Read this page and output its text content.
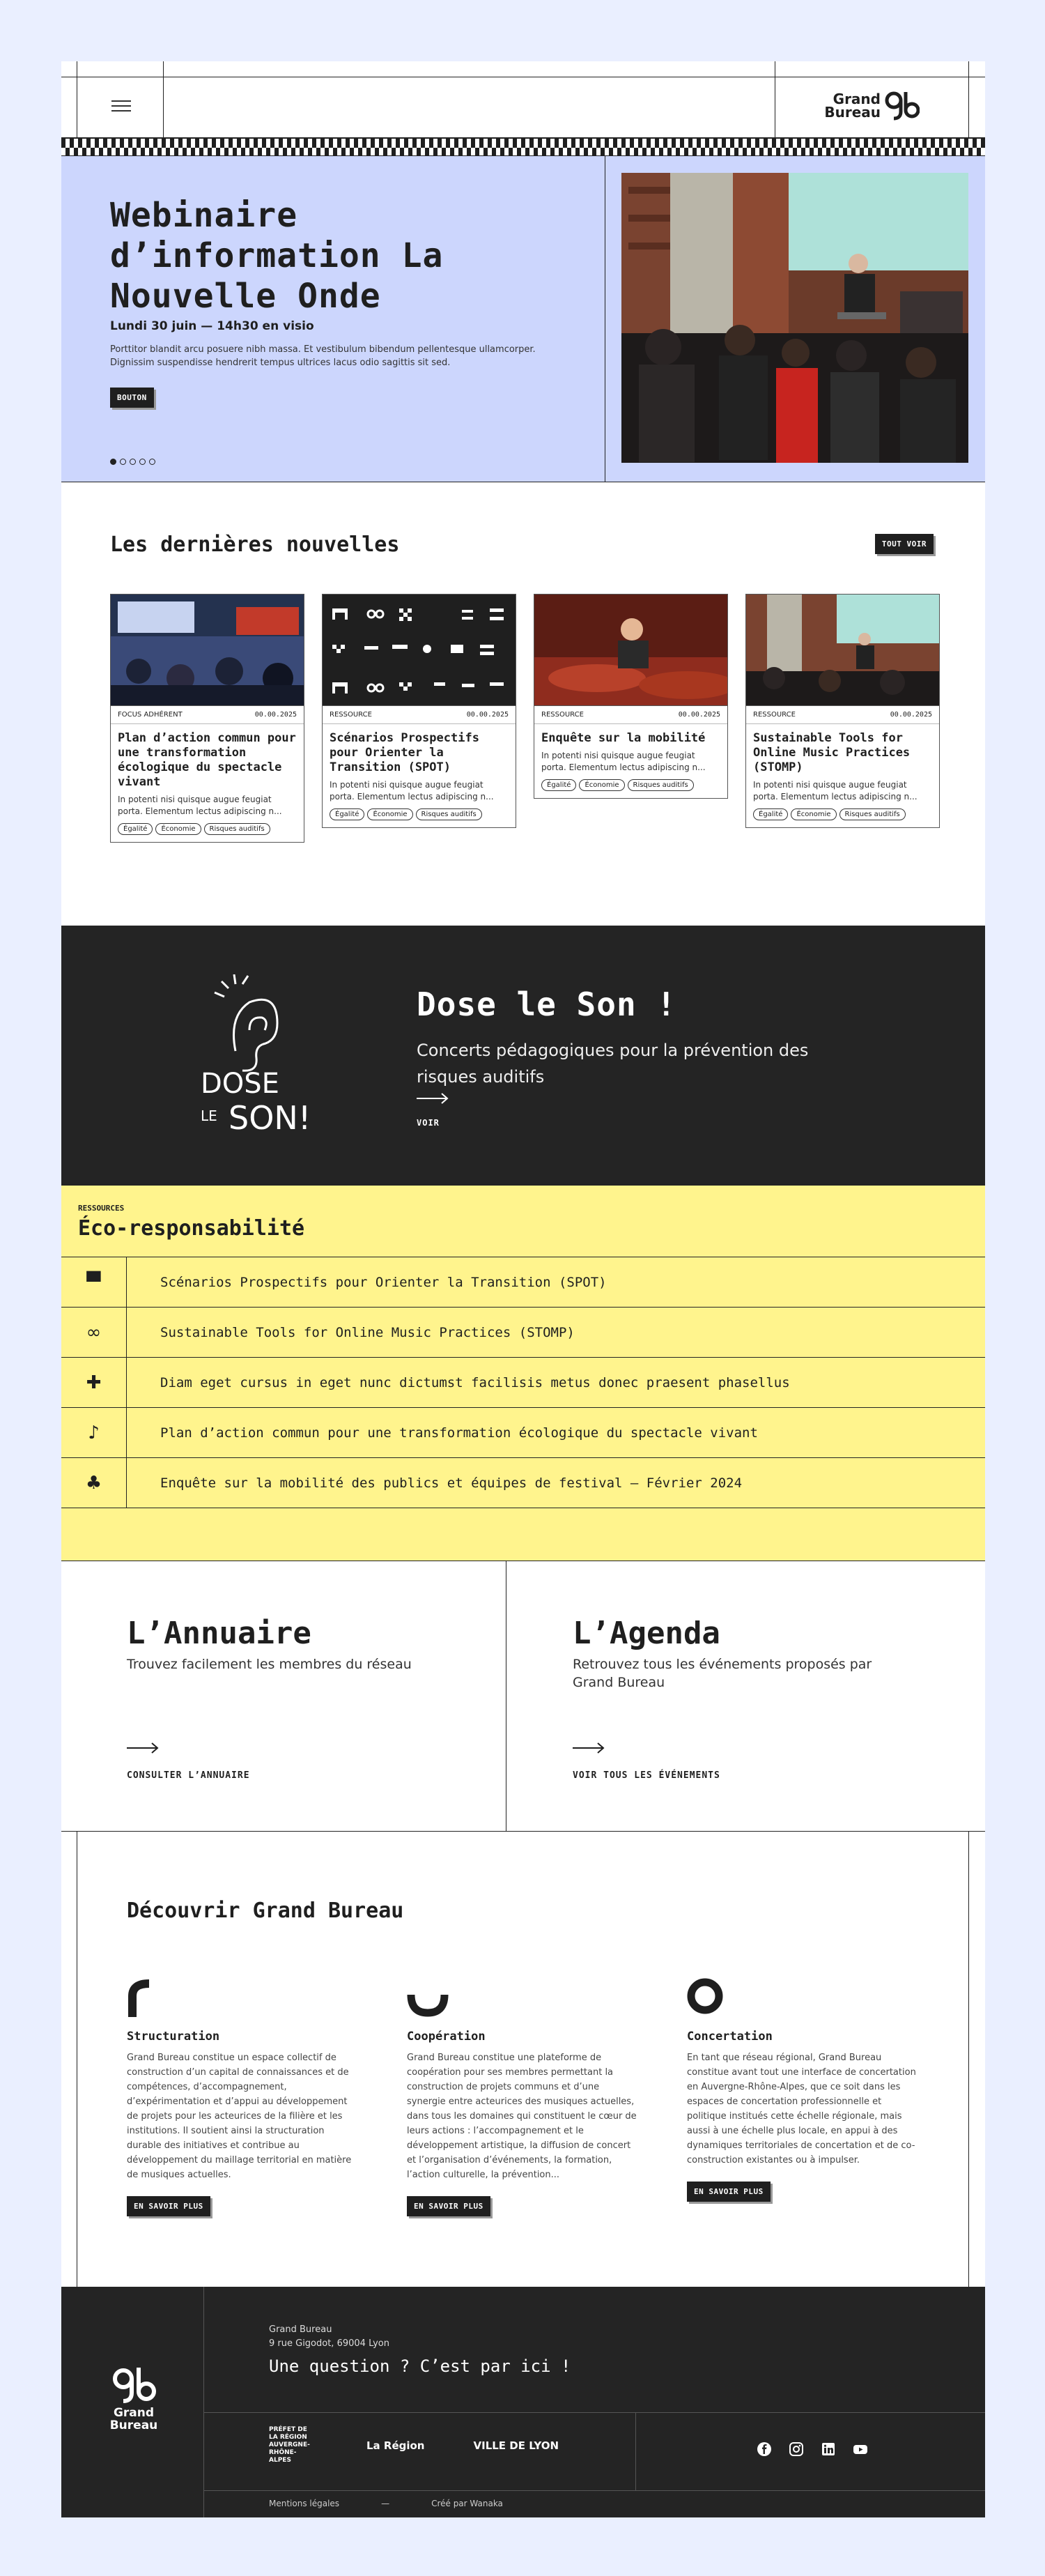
Grand
Bureau
Webinaire d’information La Nouvelle Onde
Lundi 30 juin — 14h30 en visio
Porttitor blandit arcu posuere nibh massa. Et vestibulum bibendum pellentesque ullamcorper. Dignissim suspendisse hendrerit tempus ultrices lacus odio sagittis sit sed.
BOUTON
Les dernières nouvelles	TOUT VOIR
FOCUS ADHÉRENT	00.00.2025
Plan d’action commun pour une transformation écologique du spectacle vivant

In potenti nisi quisque augue feugiat porta. Elementum lectus adipiscing n...

Égalité	Économie	Risques auditifs
RESSOURCE	00.00.2025
Scénarios Prospectifs pour Orienter la Transition (SPOT)

In potenti nisi quisque augue feugiat porta. Elementum lectus adipiscing n...

Égalité	Économie	Risques auditifs
RESSOURCE	00.00.2025
Enquête sur la mobilité

In potenti nisi quisque augue feugiat porta. Elementum lectus adipiscing n...

Égalité	Économie	Risques auditifs
RESSOURCE	00.00.2025
Sustainable Tools for Online Music Practices (STOMP)

In potenti nisi quisque augue feugiat porta. Elementum lectus adipiscing n...

Égalité	Économie	Risques auditifs
DOSE
LE SON!
Dose le Son !

Concerts pédagogiques pour la prévention des risques auditifs

VOIR
RESSOURCES
Éco-responsabilité
▀	Scénarios Prospectifs pour Orienter la Transition (SPOT)
∞	Sustainable Tools for Online Music Practices (STOMP)
✚	Diam eget cursus in eget nunc dictumst facilisis metus donec praesent phasellus
♪	Plan d’action commun pour une transformation écologique du spectacle vivant
♣	Enquête sur la mobilité des publics et équipes de festival – Février 2024
L’Annuaire

Trouvez facilement les membres du réseau

CONSULTER L’ANNUAIRE
L’Agenda

Retrouvez tous les événements proposés par Grand Bureau

VOIR TOUS LES ÉVÉNEMENTS
Découvrir Grand Bureau
Structuration

Grand Bureau constitue un espace collectif de construction d’un capital de connaissances et de compétences, d’accompagnement, d’expérimentation et d’appui au développement de projets pour les acteurices de la filière et les institutions. Il soutient ainsi la structuration durable des initiatives et contribue au développement du maillage territorial en matière de musiques actuelles.

EN SAVOIR PLUS
Coopération

Grand Bureau constitue une plateforme de coopération pour ses membres permettant la construction de projets communs et d’une synergie entre acteurices des musiques actuelles, dans tous les domaines qui constituent le cœur de leurs actions : l’accompagnement et le développement artistique, la diffusion de concert et l’organisation d’événements, la formation, l’action culturelle, la prévention...

EN SAVOIR PLUS
Concertation

En tant que réseau régional, Grand Bureau constitue avant tout une interface de concertation en Auvergne-Rhône-Alpes, que ce soit dans les espaces de concertation professionnelle et politique institués cette échelle régionale, mais aussi à une échelle plus locale, en appui à des dynamiques territoriales de concertation et de co-construction existantes ou à impulser.

EN SAVOIR PLUS
Grand
Bureau
Grand Bureau
9 rue Gigodot, 69004 Lyon
Une question ? C’est par ici !
PRÉFET DE LA RÉGION AUVERGNE-RHÔNE-ALPES
La Région	VILLE DE LYON
Mentions légales	—	Créé par Wanaka
